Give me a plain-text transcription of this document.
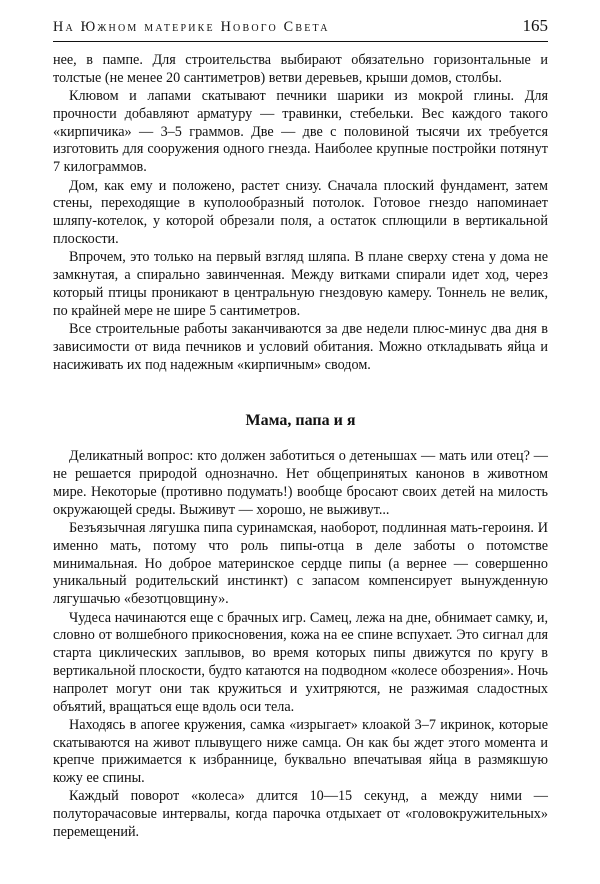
На Южном материке Нового Света	165

нее, в пампе. Для строительства выбирают обязательно горизонтальные и толстые (не менее 20 сантиметров) ветви деревьев, крыши домов, столбы.

Клювом и лапами скатывают печники шарики из мокрой глины. Для прочности добавляют арматуру — травинки, стебельки. Вес каждого такого «кирпичика» — 3–5 граммов. Две — две с половиной тысячи их требуется изготовить для сооружения одного гнезда. Наиболее крупные постройки потянут 7 килограммов.

Дом, как ему и положено, растет снизу. Сначала плоский фундамент, затем стены, переходящие в куполообразный потолок. Готовое гнездо напоминает шляпу-котелок, у которой обрезали поля, а остаток сплющили в вертикальной плоскости.

Впрочем, это только на первый взгляд шляпа. В плане сверху стена у дома не замкнутая, а спирально завинченная. Между витками спирали идет ход, через который птицы проникают в центральную гнездовую камеру. Тоннель не велик, по крайней мере не шире 5 сантиметров.

Все строительные работы заканчиваются за две недели плюс-минус два дня в зависимости от вида печников и условий обитания. Можно откладывать яйца и насиживать их под надежным «кирпичным» сводом.

Мама, папа и я

Деликатный вопрос: кто должен заботиться о детенышах — мать или отец? — не решается природой однозначно. Нет общепринятых канонов в животном мире. Некоторые (противно подумать!) вообще бросают своих детей на милость окружающей среды. Выживут — хорошо, не выживут...

Безъязычная лягушка пипа суринамская, наоборот, подлинная мать-героиня. И именно мать, потому что роль пипы-отца в деле заботы о потомстве минимальная. Но доброе материнское сердце пипы (а вернее — совершенно уникальный родительский инстинкт) с запасом компенсирует вынужденную лягушачью «безотцовщину».

Чудеса начинаются еще с брачных игр. Самец, лежа на дне, обнимает самку, и, словно от волшебного прикосновения, кожа на ее спине вспухает. Это сигнал для старта циклических заплывов, во время которых пипы движутся по кругу в вертикальной плоскости, будто катаются на подводном «колесе обозрения». Ночь напролет могут они так кружиться и ухитряются, не разжимая сладостных объятий, вращаться еще вдоль оси тела.

Находясь в апогее кружения, самка «изрыгает» клоакой 3–7 икринок, которые скатываются на живот плывущего ниже самца. Он как бы ждет этого момента и крепче прижимается к избраннице, буквально впечатывая яйца в размякшую кожу ее спины.

Каждый поворот «колеса» длится 10—15 секунд, а между ними — полуторачасовые интервалы, когда парочка отдыхает от «головокружительных» перемещений.
